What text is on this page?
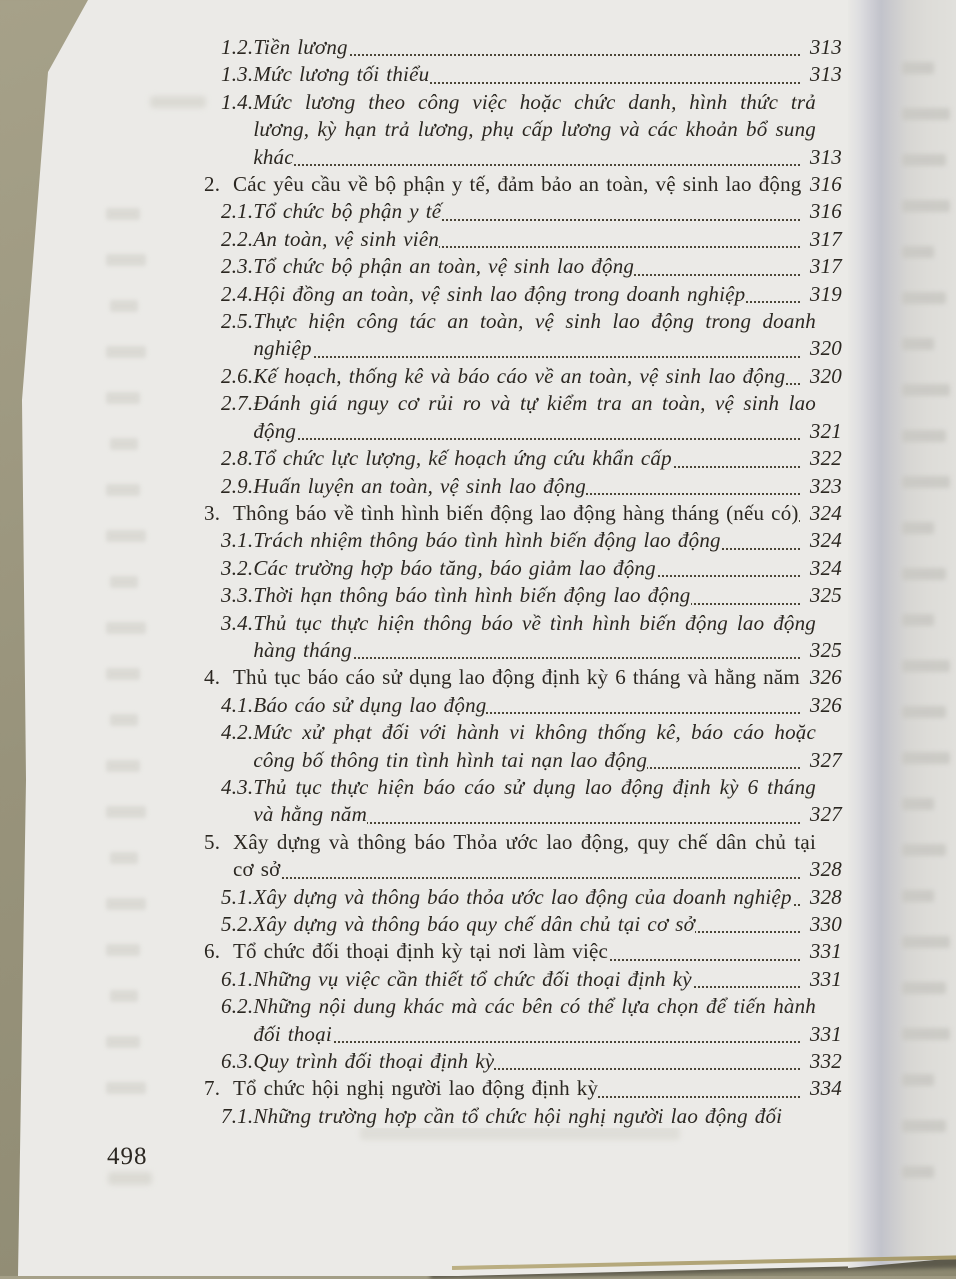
1.2. Tiền lương	313
1.3. Mức lương tối thiểu	313
1.4. Mức lương theo công việc hoặc chức danh, hình thức trả lương, kỳ hạn trả lương, phụ cấp lương và các khoản bổ sung khác	313
2. Các yêu cầu về bộ phận y tế, đảm bảo an toàn, vệ sinh lao động 316
2.1. Tổ chức bộ phận y tế	316
2.2. An toàn, vệ sinh viên	317
2.3. Tổ chức bộ phận an toàn, vệ sinh lao động	317
2.4. Hội đồng an toàn, vệ sinh lao động trong doanh nghiệp	319
2.5. Thực hiện công tác an toàn, vệ sinh lao động trong doanh nghiệp	320
2.6. Kế hoạch, thống kê và báo cáo về an toàn, vệ sinh lao động 320
2.7. Đánh giá nguy cơ rủi ro và tự kiểm tra an toàn, vệ sinh lao động	321
2.8. Tổ chức lực lượng, kế hoạch ứng cứu khẩn cấp	322
2.9. Huấn luyện an toàn, vệ sinh lao động	323
3. Thông báo về tình hình biến động lao động hàng tháng (nếu có) 324
3.1. Trách nhiệm thông báo tình hình biến động lao động	324
3.2. Các trường hợp báo tăng, báo giảm lao động	324
3.3. Thời hạn thông báo tình hình biến động lao động	325
3.4. Thủ tục thực hiện thông báo về tình hình biến động lao động hàng tháng	325
4. Thủ tục báo cáo sử dụng lao động định kỳ 6 tháng và hằng năm 326
4.1. Báo cáo sử dụng lao động	326
4.2. Mức xử phạt đối với hành vi không thống kê, báo cáo hoặc công bố thông tin tình hình tai nạn lao động	327
4.3. Thủ tục thực hiện báo cáo sử dụng lao động định kỳ 6 tháng và hằng năm	327
5. Xây dựng và thông báo Thỏa ước lao động, quy chế dân chủ tại cơ sở	328
5.1. Xây dựng và thông báo thỏa ước lao động của doanh nghiệp 328
5.2. Xây dựng và thông báo quy chế dân chủ tại cơ sở	330
6. Tổ chức đối thoại định kỳ tại nơi làm việc	331
6.1. Những vụ việc cần thiết tổ chức đối thoại định kỳ	331
6.2. Những nội dung khác mà các bên có thể lựa chọn để tiến hành đối thoại	331
6.3. Quy trình đối thoại định kỳ	332
7. Tổ chức hội nghị người lao động định kỳ	334
7.1. Những trường hợp cần tổ chức hội nghị người lao động đối
498
